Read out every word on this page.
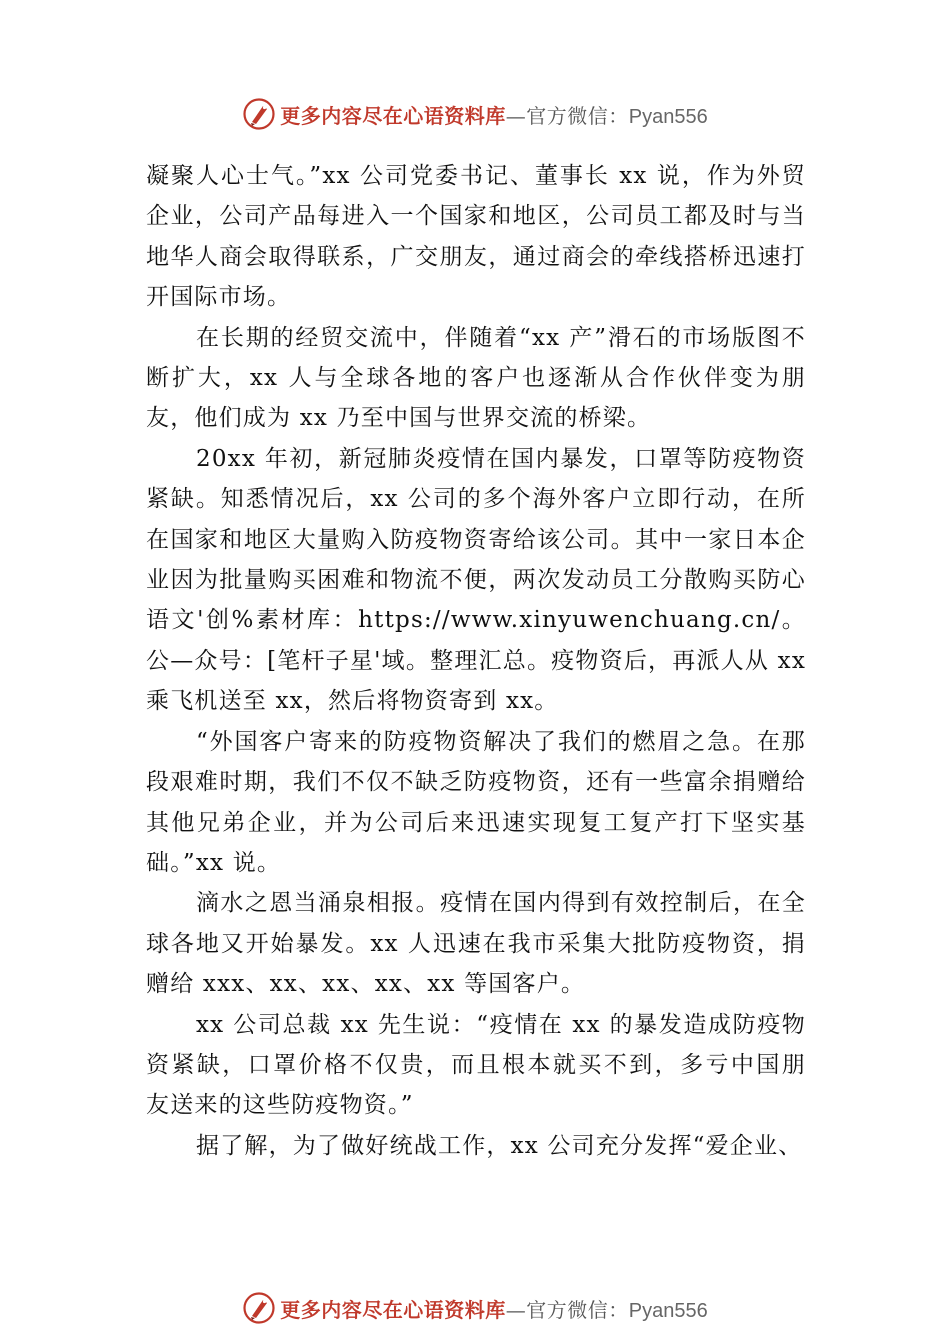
更多内容尽在心语资料库—官方微信：Pyan556

凝聚人心士气。”xx 公司党委书记、董事长 xx 说，作为外贸企业，公司产品每进入一个国家和地区，公司员工都及时与当地华人商会取得联系，广交朋友，通过商会的牵线搭桥迅速打开国际市场。

在长期的经贸交流中，伴随着“xx 产”滑石的市场版图不断扩大，xx 人与全球各地的客户也逐渐从合作伙伴变为朋友，他们成为 xx 乃至中国与世界交流的桥梁。

20xx 年初，新冠肺炎疫情在国内暴发，口罩等防疫物资紧缺。知悉情况后，xx 公司的多个海外客户立即行动，在所在国家和地区大量购入防疫物资寄给该公司。其中一家日本企业因为批量购买困难和物流不便，两次发动员工分散购买防心语文'创%素材库：https://www.xinyuwenchuang.cn/。公—众号：[笔杆子星'域。整理汇总。疫物资后，再派人从 xx 乘飞机送至 xx，然后将物资寄到 xx。

“外国客户寄来的防疫物资解决了我们的燃眉之急。在那段艰难时期，我们不仅不缺乏防疫物资，还有一些富余捐赠给其他兄弟企业，并为公司后来迅速实现复工复产打下坚实基础。”xx 说。

滴水之恩当涌泉相报。疫情在国内得到有效控制后，在全球各地又开始暴发。xx 人迅速在我市采集大批防疫物资，捐赠给 xxx、xx、xx、xx、xx 等国客户。

xx 公司总裁 xx 先生说：“疫情在 xx 的暴发造成防疫物资紧缺，口罩价格不仅贵，而且根本就买不到，多亏中国朋 友送来的这些防疫物资。”

据了解，为了做好统战工作，xx 公司充分发挥“爱企业、

更多内容尽在心语资料库—官方微信：Pyan556
